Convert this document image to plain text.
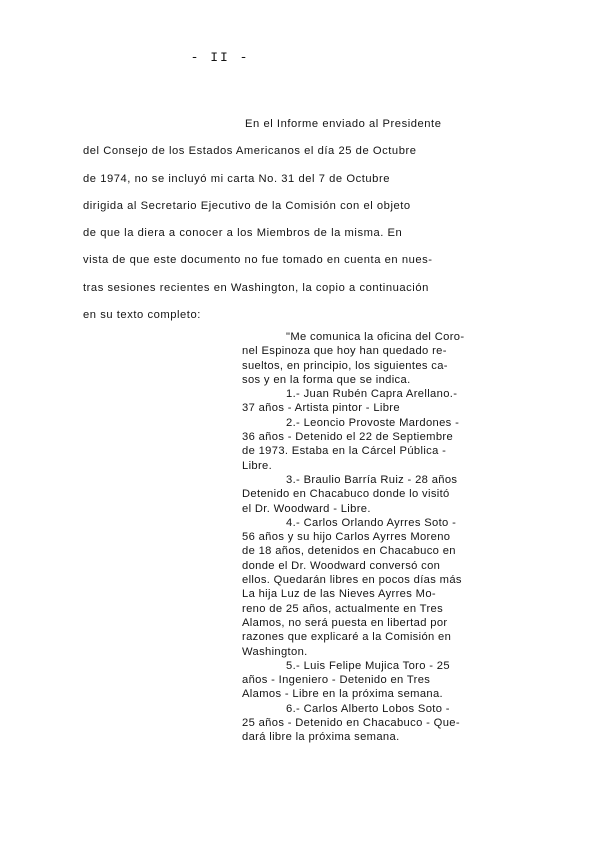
- II -
En el Informe enviado al Presidente
del Consejo de los Estados Americanos el día 25 de Octubre
de 1974, no se incluyó mi carta No. 31 del 7 de Octubre
dirigida al Secretario Ejecutivo de la Comisión con el objeto
de que la diera a conocer a los Miembros de la misma. En
vista de que este documento no fue tomado en cuenta en nues-
tras sesiones recientes en Washington, la copio a continuación
en su texto completo:
"Me comunica la oficina del Coro-
nel Espinoza que hoy han quedado re-
sueltos, en principio, los siguientes ca-
sos y en la forma que se indica.
1.- Juan Rubén Capra Arellano.-
37 años - Artista pintor - Libre
2.- Leoncio Provoste Mardones -
36 años - Detenido el 22 de Septiembre
de 1973. Estaba en la Cárcel Pública -
Libre.
3.- Braulio Barría Ruiz - 28 años
Detenido en Chacabuco donde lo visitó
el Dr. Woodward - Libre.
4.- Carlos Orlando Ayrres Soto -
56 años y su hijo Carlos Ayrres Moreno
de 18 años, detenidos en Chacabuco en
donde el Dr. Woodward conversó con
ellos. Quedarán libres en pocos días más
La hija Luz de las Nieves Ayrres Mo-
reno de 25 años, actualmente en Tres
Alamos, no será puesta en libertad por
razones que explicaré a la Comisión en
Washington.
5.- Luis Felipe Mujica Toro - 25
años - Ingeniero - Detenido en Tres
Alamos - Libre en la próxima semana.
6.- Carlos Alberto Lobos Soto -
25 años - Detenido en Chacabuco - Que-
dará libre la próxima semana.
